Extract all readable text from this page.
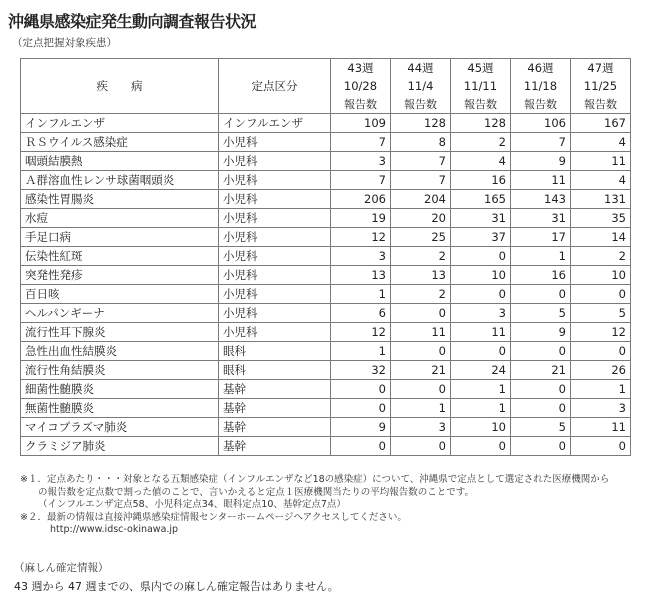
沖縄県感染症発生動向調査報告状況
（定点把握対象疾患）
疾　　病	定点区分	43週	44週	45週	46週	47週
		10/28	11/4	11/11	11/18	11/25
		報告数	報告数	報告数	報告数	報告数
インフルエンザ	インフルエンザ	109	128	128	106	167
ＲＳウイルス感染症	小児科	7	8	2	7	4
咽頭結膜熱	小児科	3	7	4	9	11
Ａ群溶血性レンサ球菌咽頭炎	小児科	7	7	16	11	4
感染性胃腸炎	小児科	206	204	165	143	131
水痘	小児科	19	20	31	31	35
手足口病	小児科	12	25	37	17	14
伝染性紅斑	小児科	3	2	0	1	2
突発性発疹	小児科	13	13	10	16	10
百日咳	小児科	1	2	0	0	0
ヘルパンギーナ	小児科	6	0	3	5	5
流行性耳下腺炎	小児科	12	11	11	9	12
急性出血性結膜炎	眼科	1	0	0	0	0
流行性角結膜炎	眼科	32	21	24	21	26
細菌性髄膜炎	基幹	0	0	1	0	1
無菌性髄膜炎	基幹	0	1	1	0	3
マイコプラズマ肺炎	基幹	9	3	10	5	11
クラミジア肺炎	基幹	0	0	0	0	0
※１．定点あたり・・・対象となる五類感染症（インフルエンザなど18の感染症）について、沖縄県で定点として選定された医療機関から
の報告数を定点数で割った値のことで、言いかえると定点１医療機関当たりの平均報告数のことです。
（インフルエンザ定点58、小児科定点34、眼科定点10、基幹定点7点）
※２．最新の情報は直接沖縄県感染症情報センターホームページへアクセスしてください。
http://www.idsc-okinawa.jp
（麻しん確定情報）
43 週から 47 週までの、県内での麻しん確定報告はありません。
